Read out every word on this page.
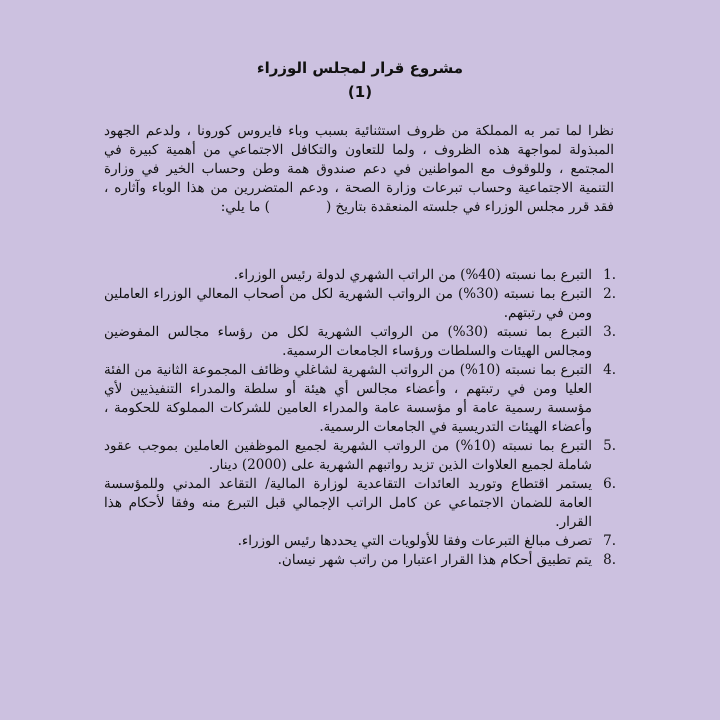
مشروع قرار لمجلس الوزراء
(1)
نظرا لما تمر به المملكة من ظروف استثنائية بسبب وباء فايروس كورونا ، ولدعم الجهود المبذولة لمواجهة هذه الظروف ، ولما للتعاون والتكافل الاجتماعي من أهمية كبيرة في المجتمع ، وللوقوف مع المواطنين في دعم صندوق همة وطن وحساب الخير في وزارة التنمية الاجتماعية وحساب تبرعات وزارة الصحة ، ودعم المتضررين من هذا الوباء وآثاره ، فقد قرر مجلس الوزراء في جلسته المنعقدة بتاريخ () ما يلي:
1.
التبرع بما نسبته (40%) من الراتب الشهري لدولة رئيس الوزراء.
2.
التبرع بما نسبته (30%) من الرواتب الشهرية لكل من أصحاب المعالي الوزراء العاملين ومن في رتبتهم.
3.
التبرع بما نسبته (30%) من الرواتب الشهرية لكل من رؤساء مجالس المفوضين ومجالس الهيئات والسلطات ورؤساء الجامعات الرسمية.
4.
التبرع بما نسبته (10%) من الرواتب الشهرية لشاغلي وظائف المجموعة الثانية من الفئة العليا ومن في رتبتهم ، وأعضاء مجالس أي هيئة أو سلطة والمدراء التنفيذيين لأي مؤسسة رسمية عامة أو مؤسسة عامة والمدراء العامين للشركات المملوكة للحكومة ، وأعضاء الهيئات التدريسية في الجامعات الرسمية.
5.
التبرع بما نسبته (10%) من الرواتب الشهرية لجميع الموظفين العاملين بموجب عقود شاملة لجميع العلاوات الذين تزيد رواتبهم الشهرية على (2000) دينار.
6.
يستمر اقتطاع وتوريد العائدات التقاعدية لوزارة المالية/ التقاعد المدني وللمؤسسة العامة للضمان الاجتماعي عن كامل الراتب الإجمالي قبل التبرع منه وفقا لأحكام هذا القرار.
7.
تصرف مبالغ التبرعات وفقا للأولويات التي يحددها رئيس الوزراء.
8.
يتم تطبيق أحكام هذا القرار اعتبارا من راتب شهر نيسان.
